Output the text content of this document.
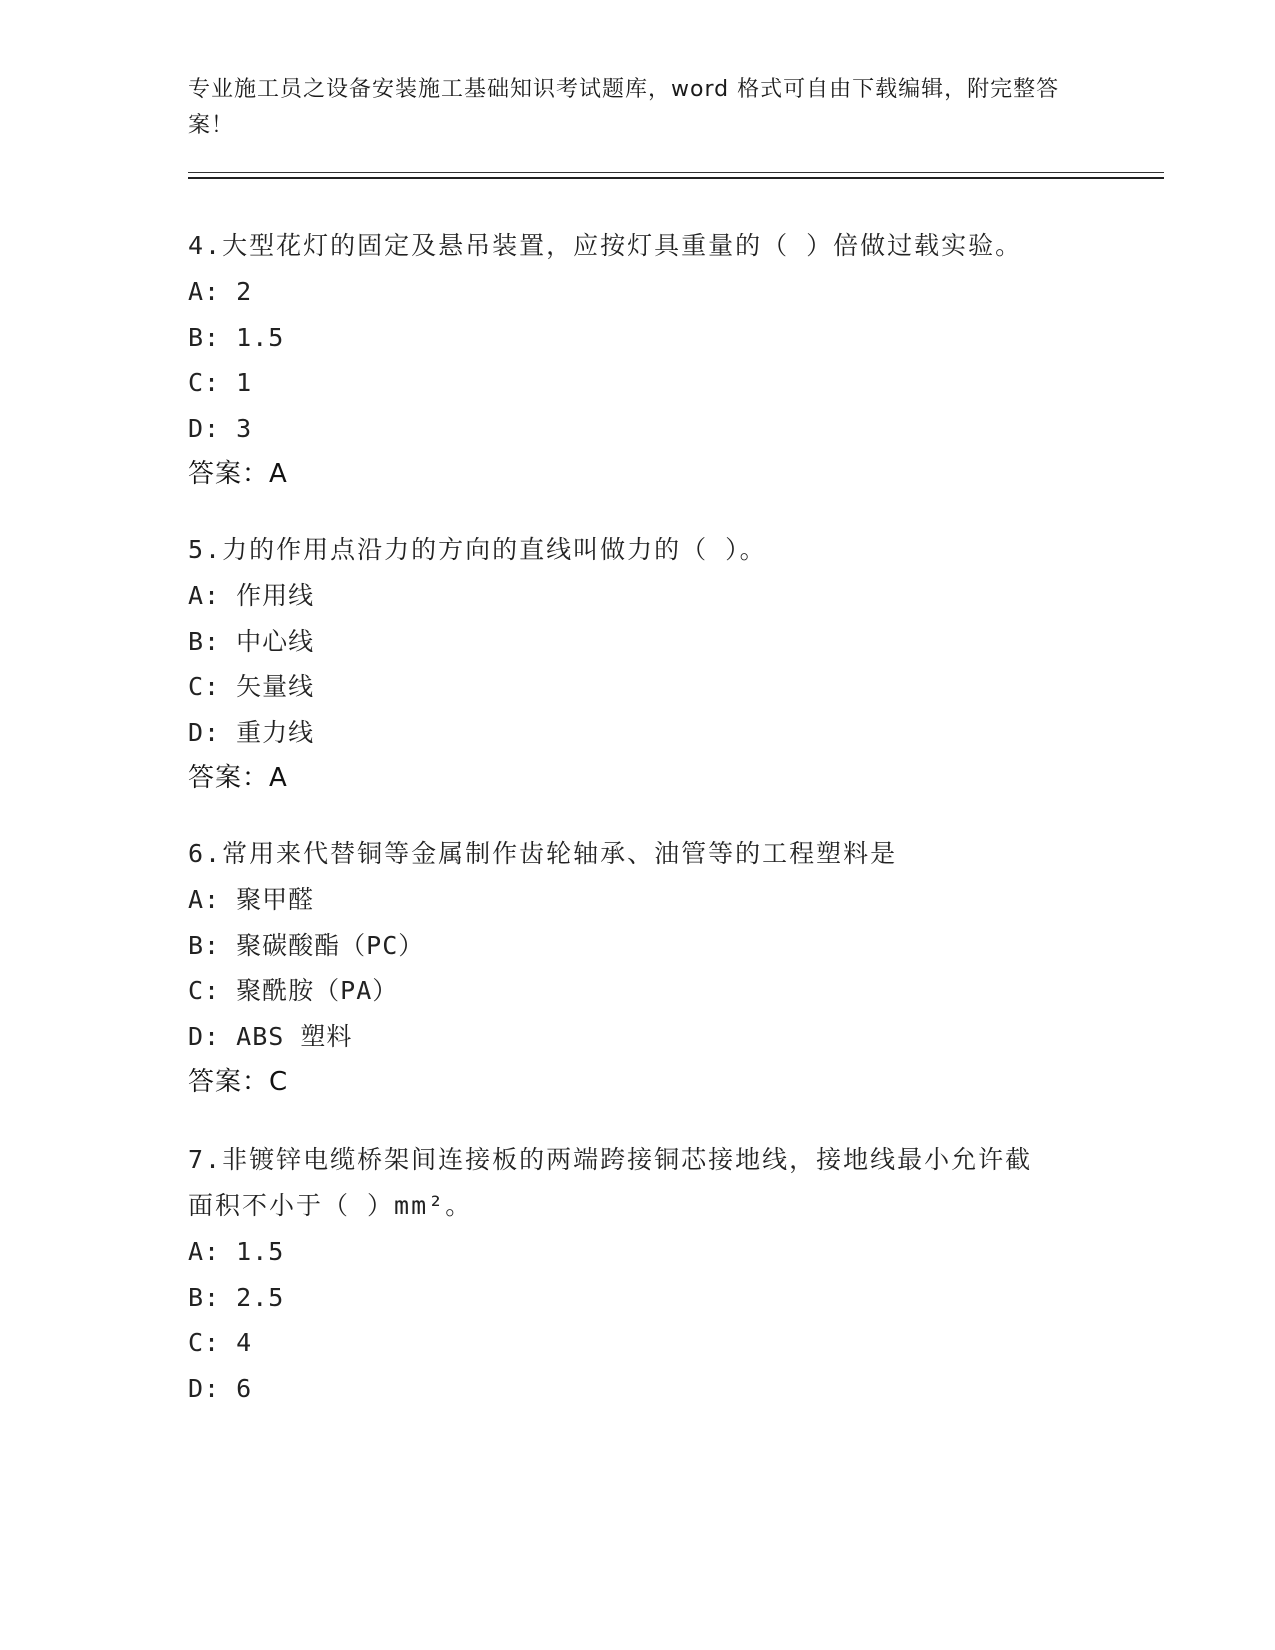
专业施工员之设备安装施工基础知识考试题库，word 格式可自由下载编辑，附完整答案！
4.大型花灯的固定及悬吊装置，应按灯具重量的（ ）倍做过载实验。
A: 2
B: 1.5
C: 1
D: 3
答案：A
5.力的作用点沿力的方向的直线叫做力的（ ）。
A: 作用线
B: 中心线
C: 矢量线
D: 重力线
答案：A
6.常用来代替铜等金属制作齿轮轴承、油管等的工程塑料是
A: 聚甲醛
B: 聚碳酸酯（PC）
C: 聚酰胺（PA）
D: ABS 塑料
答案：C
7.非镀锌电缆桥架间连接板的两端跨接铜芯接地线，接地线最小允许截面积不小于（ ）mm²。
A: 1.5
B: 2.5
C: 4
D: 6
